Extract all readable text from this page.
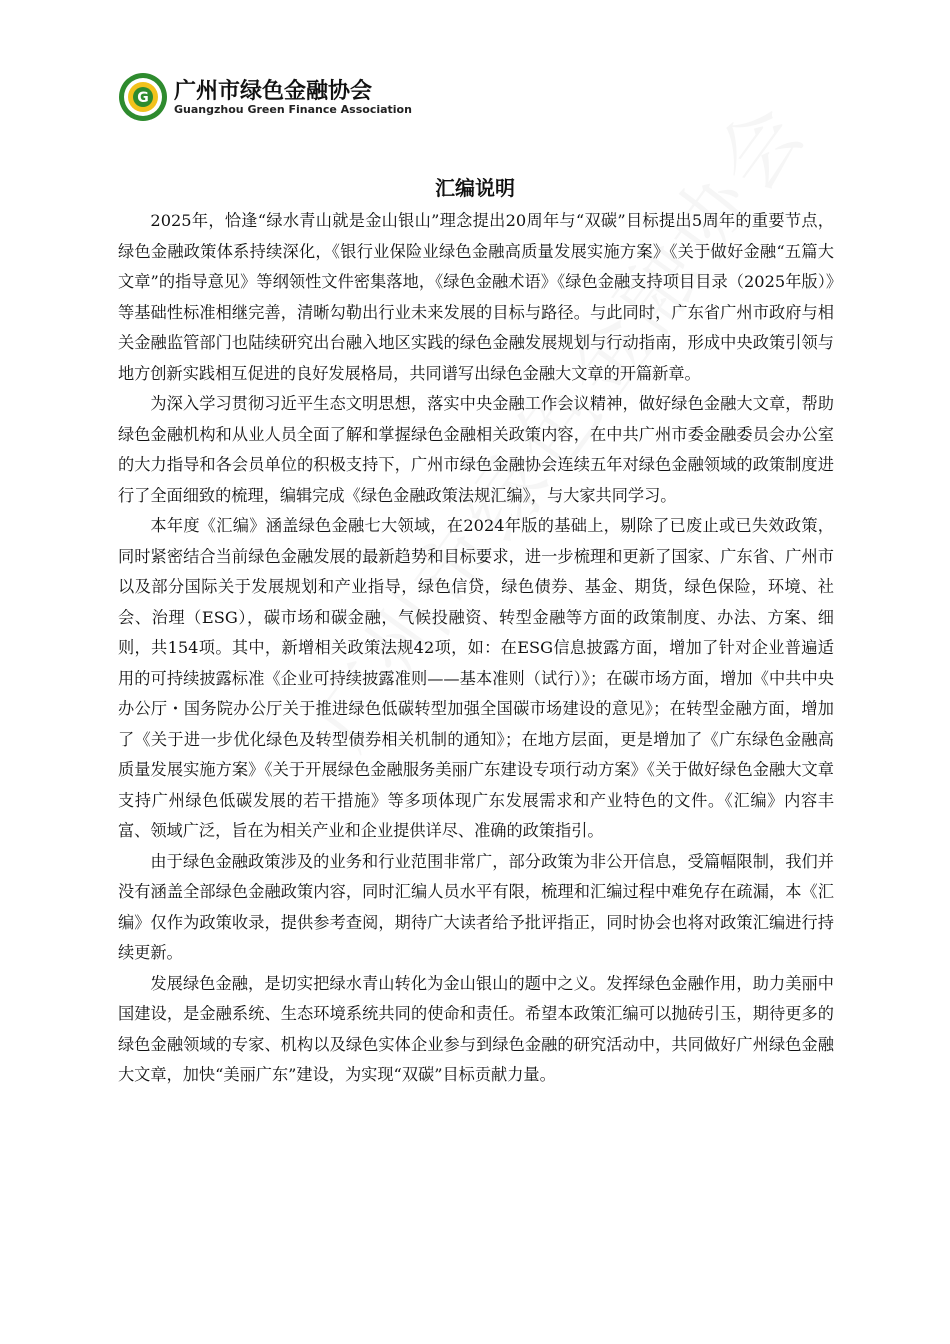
G 广州市绿色金融协会
Guangzhou Green Finance Association
汇编说明

2025年，恰逢“绿水青山就是金山银山”理念提出20周年与“双碳”目标提出5周年的重要节点，绿色金融政策体系持续深化，《银行业保险业绿色金融高质量发展实施方案》《关于做好金融“五篇大文章”的指导意见》等纲领性文件密集落地，《绿色金融术语》《绿色金融支持项目目录（2025年版）》等基础性标准相继完善，清晰勾勒出行业未来发展的目标与路径。与此同时，广东省广州市政府与相关金融监管部门也陆续研究出台融入地区实践的绿色金融发展规划与行动指南，形成中央政策引领与地方创新实践相互促进的良好发展格局，共同谱写出绿色金融大文章的开篇新章。

为深入学习贯彻习近平生态文明思想，落实中央金融工作会议精神，做好绿色金融大文章，帮助绿色金融机构和从业人员全面了解和掌握绿色金融相关政策内容，在中共广州市委金融委员会办公室的大力指导和各会员单位的积极支持下，广州市绿色金融协会连续五年对绿色金融领域的政策制度进行了全面细致的梳理，编辑完成《绿色金融政策法规汇编》，与大家共同学习。

本年度《汇编》涵盖绿色金融七大领域，在2024年版的基础上，剔除了已废止或已失效政策，同时紧密结合当前绿色金融发展的最新趋势和目标要求，进一步梳理和更新了国家、广东省、广州市以及部分国际关于发展规划和产业指导，绿色信贷，绿色债券、基金、期货，绿色保险，环境、社会、治理（ESG），碳市场和碳金融，气候投融资、转型金融等方面的政策制度、办法、方案、细则，共154项。其中，新增相关政策法规42项，如：在ESG信息披露方面，增加了针对企业普遍适用的可持续披露标准《企业可持续披露准则——基本准则（试行）》；在碳市场方面，增加《中共中央办公厅・国务院办公厅关于推进绿色低碳转型加强全国碳市场建设的意见》；在转型金融方面，增加了《关于进一步优化绿色及转型债券相关机制的通知》；在地方层面，更是增加了《广东绿色金融高质量发展实施方案》《关于开展绿色金融服务美丽广东建设专项行动方案》《关于做好绿色金融大文章支持广州绿色低碳发展的若干措施》等多项体现广东发展需求和产业特色的文件。《汇编》内容丰富、领域广泛，旨在为相关产业和企业提供详尽、准确的政策指引。

由于绿色金融政策涉及的业务和行业范围非常广，部分政策为非公开信息，受篇幅限制，我们并没有涵盖全部绿色金融政策内容，同时汇编人员水平有限，梳理和汇编过程中难免存在疏漏，本《汇编》仅作为政策收录，提供参考查阅，期待广大读者给予批评指正，同时协会也将对政策汇编进行持续更新。

发展绿色金融，是切实把绿水青山转化为金山银山的题中之义。发挥绿色金融作用，助力美丽中国建设，是金融系统、生态环境系统共同的使命和责任。希望本政策汇编可以抛砖引玉，期待更多的绿色金融领域的专家、机构以及绿色实体企业参与到绿色金融的研究活动中，共同做好广州绿色金融大文章，加快“美丽广东”建设，为实现“双碳”目标贡献力量。
